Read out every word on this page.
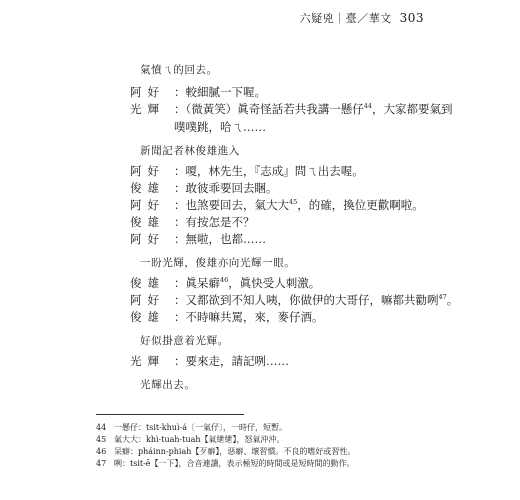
六疑兇｜臺／華文 303
氣憤ㄟ的回去。
阿好 ：較細膩一下喔。
光輝 ：（微黃笑）眞奇怪話若共我講一懸仔$^{44}$，大家都要氣到
噗噗跳，哈ㄟ……
新聞記者林俊雄進入
阿好 ：嗄，林先生，『志成』問ㄟ出去喔。
俊雄 ：敢彼乖要回去睏。
阿好 ：也煞要回去，氣大大$^{45}$，的確，換位更歡啊啦。
俊雄 ：有按怎是不？
阿好 ：無啦，也都……
一盼光輝，俊雄亦向光輝一眼。
俊雄 ：眞呆癖$^{46}$，眞快受人刺激。
阿好 ：又都欲到不知人咦，你做伊的大哥仔，嘛都共勸咧$^{47}$。
俊雄 ：不時嘛共罵，來，麥仔酒。
好似掛意着光輝。
光輝 ：要來走，請記咧……
光輝出去。
44 一懸仔：tsit-khuì-á〔一氣仔〕，一時仔，短暫。
45 氣大大：khì-tuah-tuah【氣紲紲】，怒氣沖沖。
46 呆癖：pháinn-phiah【歹癖】，惡癖、壞習慣。不良的嗜好或習性。
47 咧：tsit-ē【一下】，合音連讀，表示極短的時間或是短時間的動作。
